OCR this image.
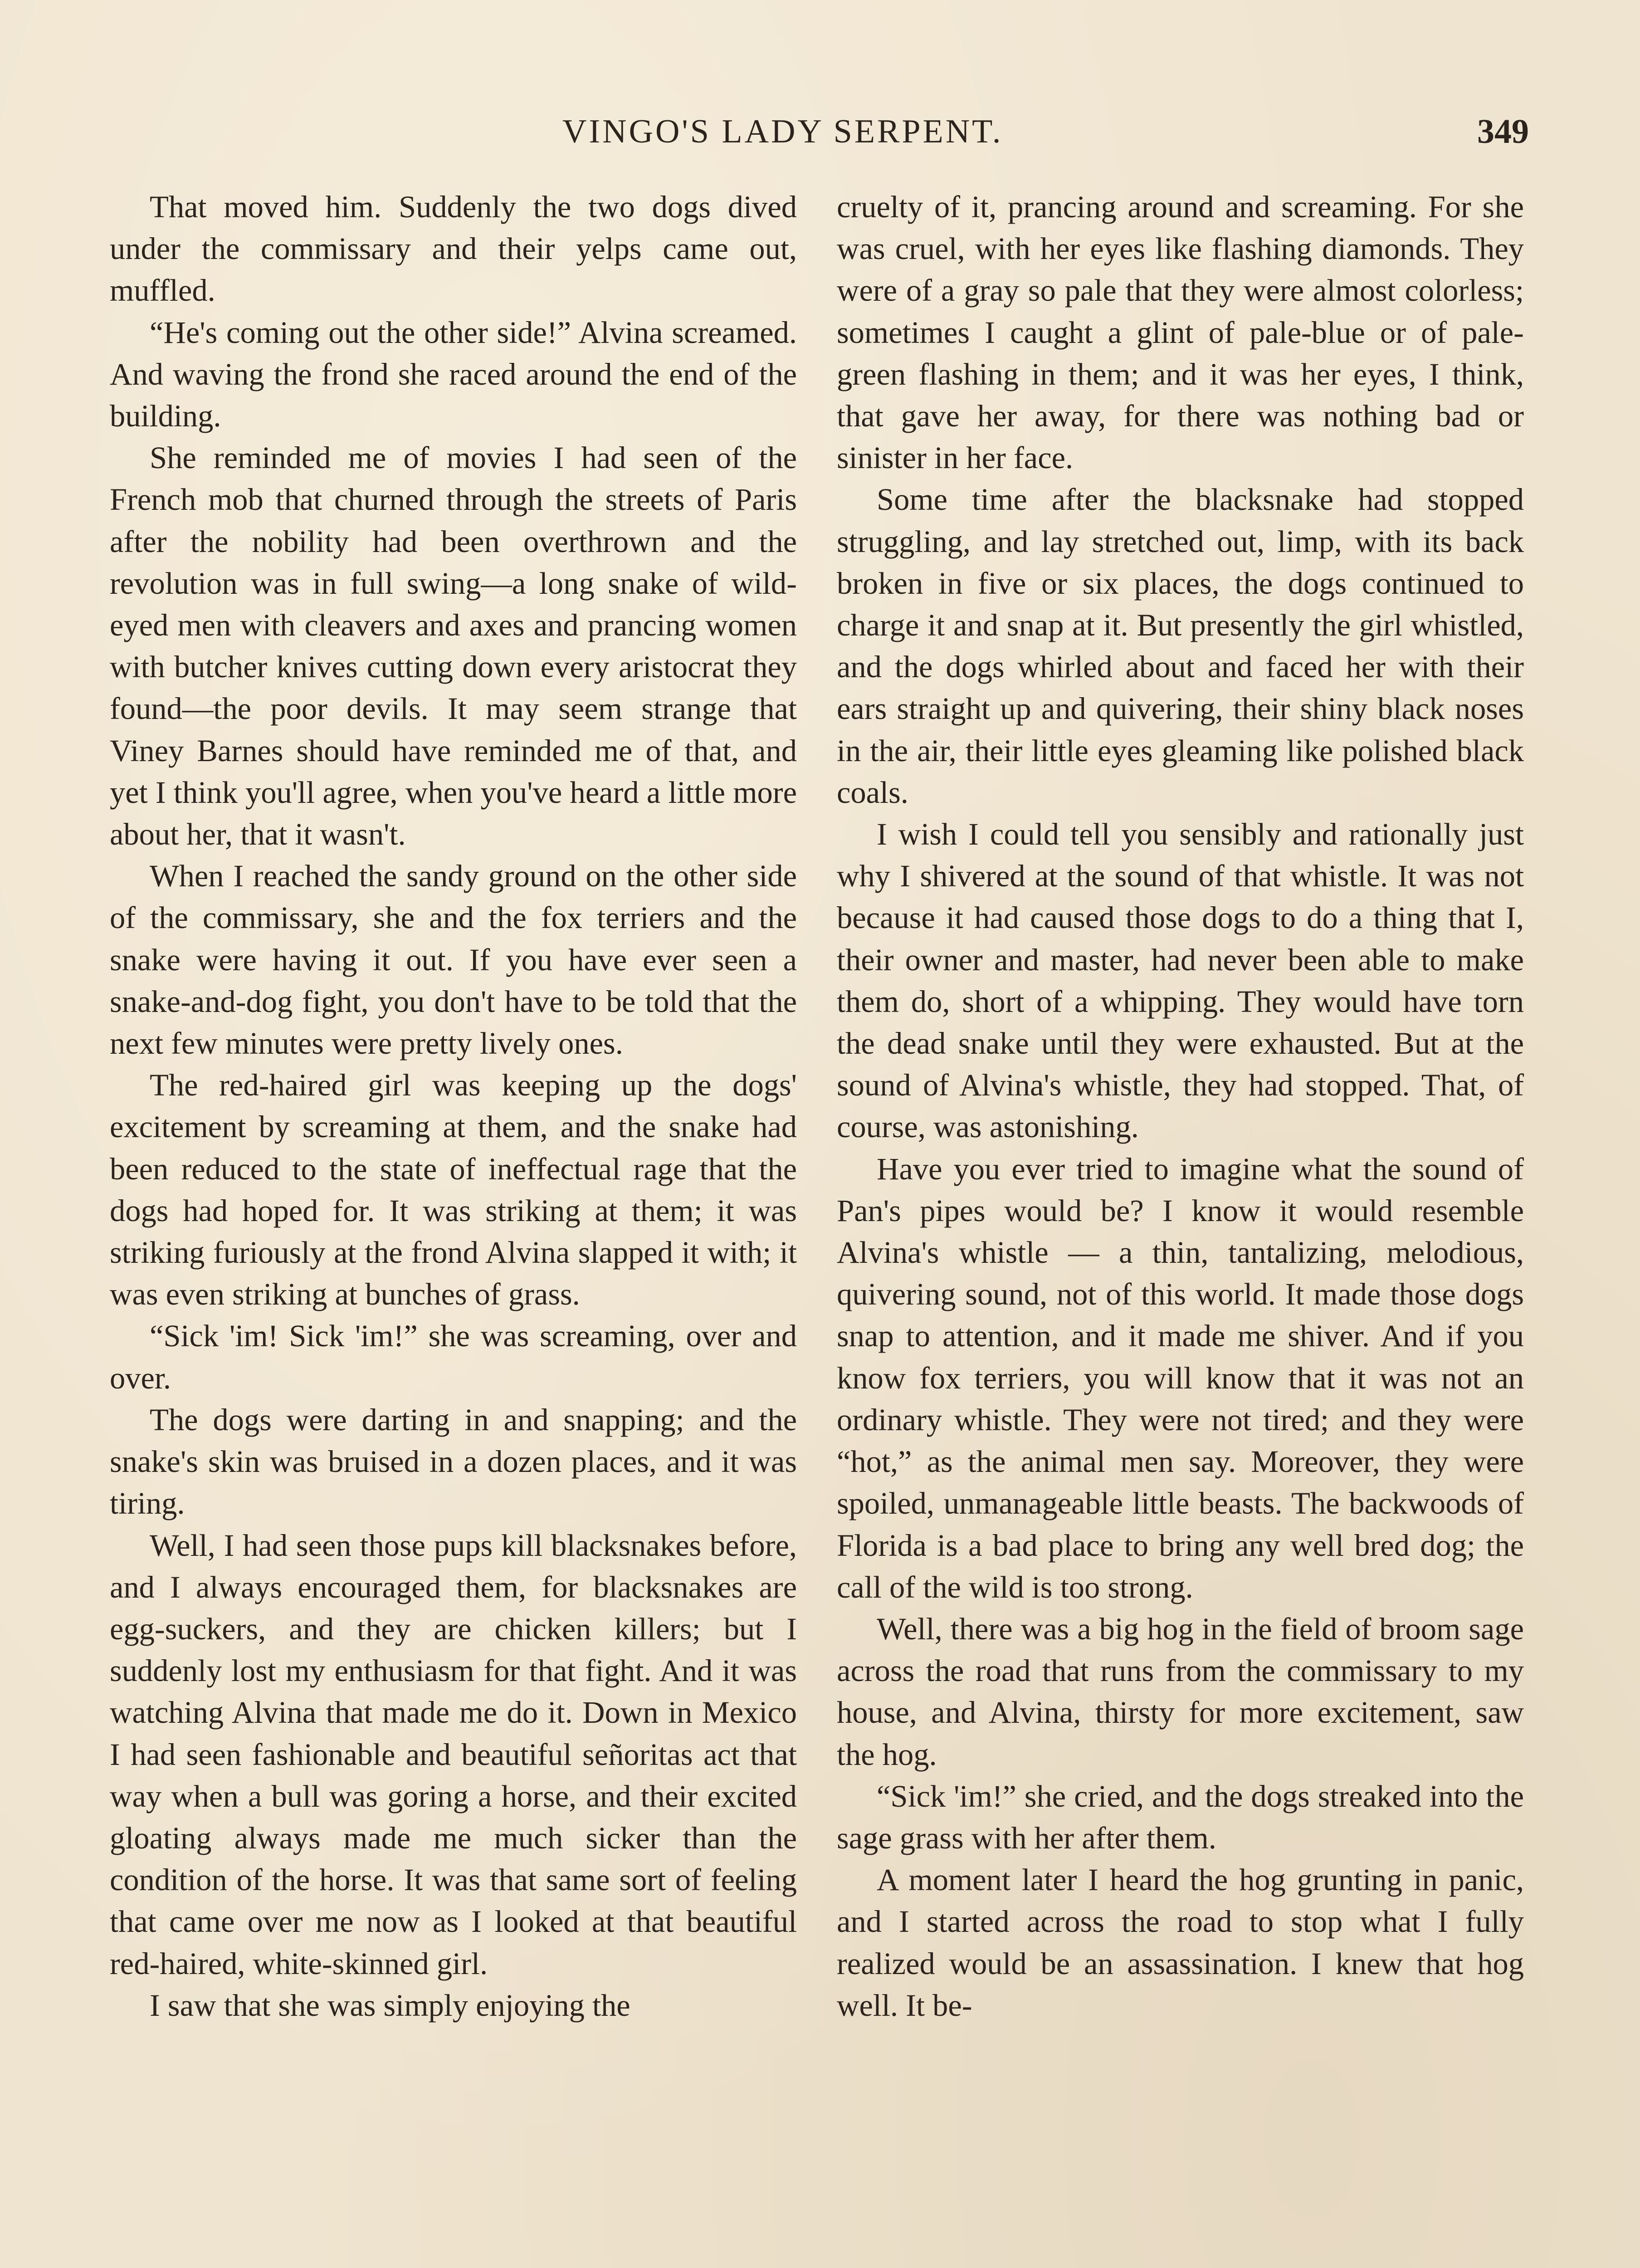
VINGO'S LADY SERPENT.	349

That moved him. Suddenly the two dogs dived under the commissary and their yelps came out, muffled.

“He's coming out the other side!” Alvina screamed. And waving the frond she raced around the end of the building.

She reminded me of movies I had seen of the French mob that churned through the streets of Paris after the nobility had been overthrown and the revolution was in full swing—a long snake of wild-eyed men with cleavers and axes and prancing women with butcher knives cutting down every aristocrat they found—the poor devils. It may seem strange that Viney Barnes should have reminded me of that, and yet I think you'll agree, when you've heard a little more about her, that it wasn't.

When I reached the sandy ground on the other side of the commissary, she and the fox terriers and the snake were having it out. If you have ever seen a snake-and-dog fight, you don't have to be told that the next few minutes were pretty lively ones.

The red-haired girl was keeping up the dogs' excitement by screaming at them, and the snake had been reduced to the state of ineffectual rage that the dogs had hoped for. It was striking at them; it was striking furiously at the frond Alvina slapped it with; it was even striking at bunches of grass.

“Sick 'im! Sick 'im!” she was screaming, over and over.

The dogs were darting in and snapping; and the snake's skin was bruised in a dozen places, and it was tiring.

Well, I had seen those pups kill blacksnakes before, and I always encouraged them, for blacksnakes are egg-suckers, and they are chicken killers; but I suddenly lost my enthusiasm for that fight. And it was watching Alvina that made me do it. Down in Mexico I had seen fashionable and beautiful señoritas act that way when a bull was goring a horse, and their excited gloating always made me much sicker than the condition of the horse. It was that same sort of feeling that came over me now as I looked at that beautiful red-haired, white-skinned girl.

I saw that she was simply enjoying the

cruelty of it, prancing around and screaming. For she was cruel, with her eyes like flashing diamonds. They were of a gray so pale that they were almost colorless; sometimes I caught a glint of pale-blue or of pale-green flashing in them; and it was her eyes, I think, that gave her away, for there was nothing bad or sinister in her face.

Some time after the blacksnake had stopped struggling, and lay stretched out, limp, with its back broken in five or six places, the dogs continued to charge it and snap at it. But presently the girl whistled, and the dogs whirled about and faced her with their ears straight up and quivering, their shiny black noses in the air, their little eyes gleaming like polished black coals.

I wish I could tell you sensibly and rationally just why I shivered at the sound of that whistle. It was not because it had caused those dogs to do a thing that I, their owner and master, had never been able to make them do, short of a whipping. They would have torn the dead snake until they were exhausted. But at the sound of Alvina's whistle, they had stopped. That, of course, was astonishing.

Have you ever tried to imagine what the sound of Pan's pipes would be? I know it would resemble Alvina's whistle — a thin, tantalizing, melodious, quivering sound, not of this world. It made those dogs snap to attention, and it made me shiver. And if you know fox terriers, you will know that it was not an ordinary whistle. They were not tired; and they were “hot,” as the animal men say. Moreover, they were spoiled, unmanageable little beasts. The backwoods of Florida is a bad place to bring any well bred dog; the call of the wild is too strong.

Well, there was a big hog in the field of broom sage across the road that runs from the commissary to my house, and Alvina, thirsty for more excitement, saw the hog.

“Sick 'im!” she cried, and the dogs streaked into the sage grass with her after them.

A moment later I heard the hog grunting in panic, and I started across the road to stop what I fully realized would be an assassination. I knew that hog well. It be-
